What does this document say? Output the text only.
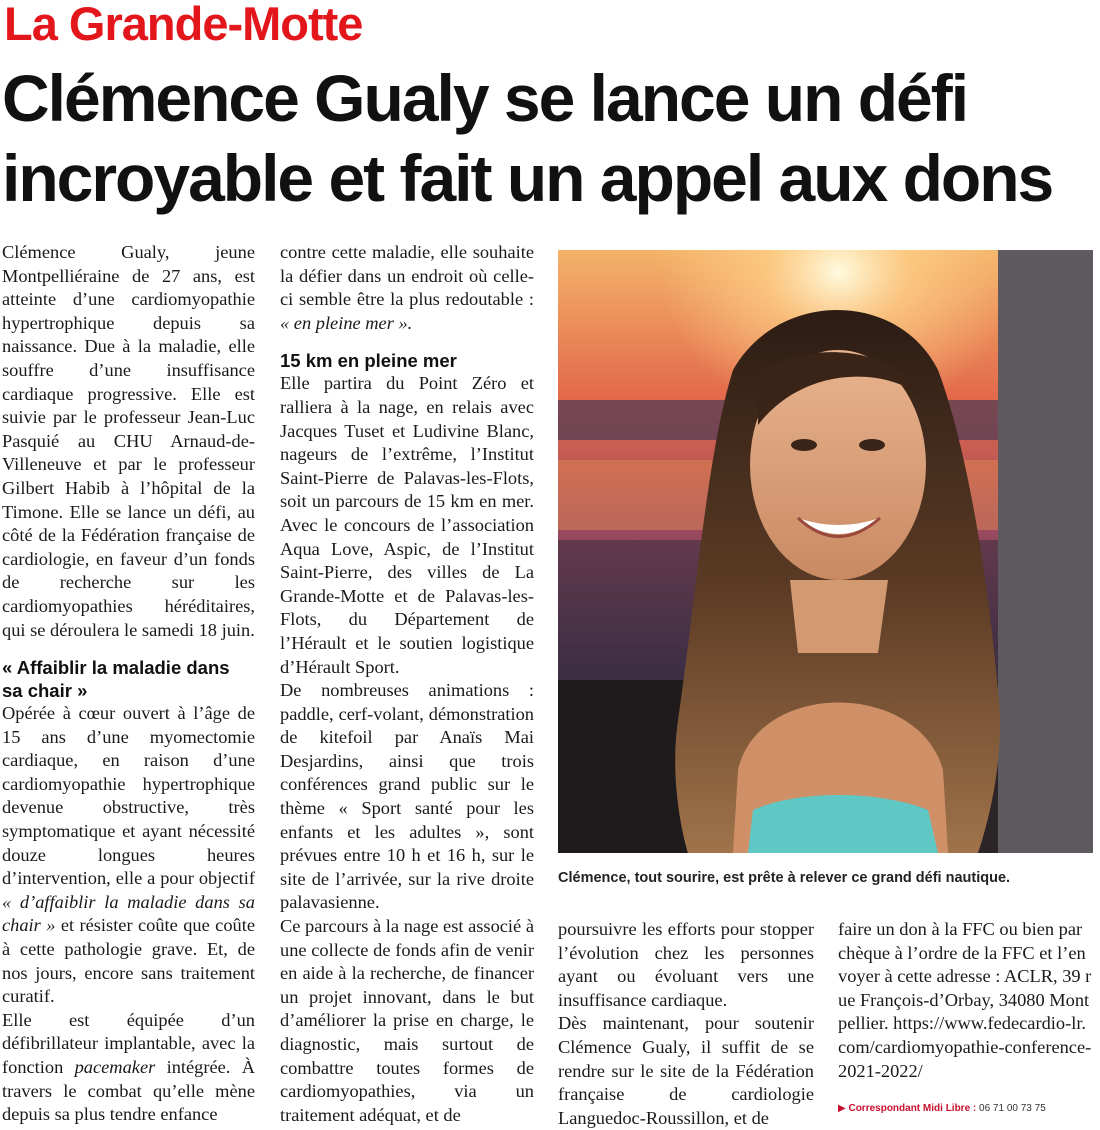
La Grande-Motte
Clémence Gualy se lance un défi
incroyable et fait un appel aux dons

Clémence Gualy, jeune Montpelliéraine de 27 ans, est atteinte d’une cardiomyopathie hypertrophique depuis sa naissance. Due à la maladie, elle souffre d’une insuffisance cardiaque progressive. Elle est suivie par le professeur Jean-Luc Pasquié au CHU Arnaud-de-Villeneuve et par le professeur Gilbert Habib à l’hôpital de la Timone. Elle se lance un défi, au côté de la Fédération française de cardiologie, en faveur d’un fonds de recherche sur les cardiomyopathies héréditaires, qui se déroulera le samedi 18 juin.

« Affaiblir la maladie dans sa chair »

Opérée à cœur ouvert à l’âge de 15 ans d’une myomectomie cardiaque, en raison d’une cardiomyopathie hypertrophique devenue obstructive, très symptomatique et ayant nécessité douze longues heures d’intervention, elle a pour objectif « d’affaiblir la maladie dans sa chair » et résister coûte que coûte à cette pathologie grave. Et, de nos jours, encore sans traitement curatif.

Elle est équipée d’un défibrillateur implantable, avec la fonction pacemaker intégrée. À travers le combat qu’elle mène depuis sa plus tendre enfance

contre cette maladie, elle souhaite la défier dans un endroit où celle-ci semble être la plus redoutable : « en pleine mer ».

15 km en pleine mer

Elle partira du Point Zéro et ralliera à la nage, en relais avec Jacques Tuset et Ludivine Blanc, nageurs de l’extrême, l’Institut Saint-Pierre de Palavas-les-Flots, soit un parcours de 15 km en mer. Avec le concours de l’association Aqua Love, Aspic, de l’Institut Saint-Pierre, des villes de La Grande-Motte et de Palavas-les-Flots, du Département de l’Hérault et le soutien logistique d’Hérault Sport.

De nombreuses animations : paddle, cerf-volant, démonstration de kitefoil par Anaïs Mai Desjardins, ainsi que trois conférences grand public sur le thème « Sport santé pour les enfants et les adultes », sont prévues entre 10 h et 16 h, sur le site de l’arrivée, sur la rive droite palavasienne.

Ce parcours à la nage est associé à une collecte de fonds afin de venir en aide à la recherche, de financer un projet innovant, dans le but d’améliorer la prise en charge, le diagnostic, mais surtout de combattre toutes formes de cardiomyopathies, via un traitement adéquat, et de

Clémence, tout sourire, est prête à relever ce grand défi nautique.

poursuivre les efforts pour stopper l’évolution chez les personnes ayant ou évoluant vers une insuffisance cardiaque.

Dès maintenant, pour soutenir Clémence Gualy, il suffit de se rendre sur le site de la Fédération française de cardiologie Languedoc-Roussillon, et de

faire un don à la FFC ou bien par chèque à l’ordre de la FFC et l’envoyer à cette adresse : ACLR, 39 rue François-d’Orbay, 34080 Montpellier. https://www.fedecardio-lr.com/cardiomyopathie-conference-2021-2022/

▶ Correspondant Midi Libre : 06 71 00 73 75
